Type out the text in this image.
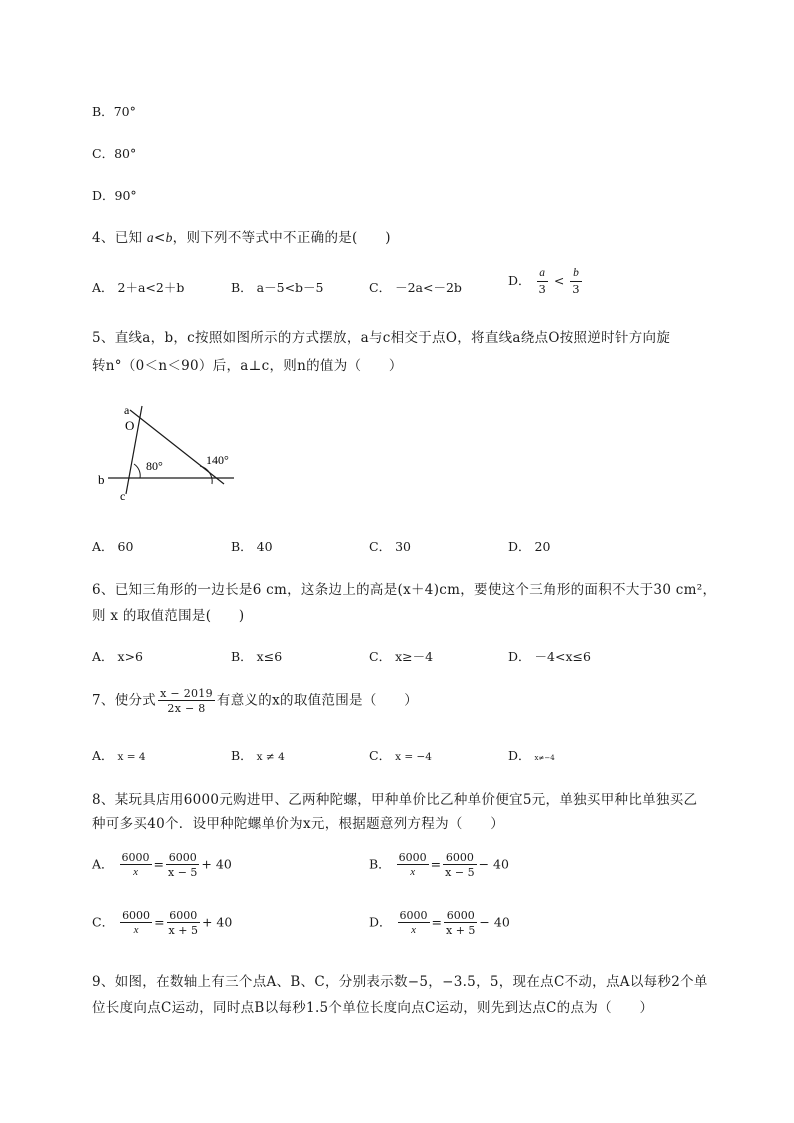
B．70°
C．80°
D．90°
4、已知 a<b，则下列不等式中不正确的是(　　)
A． 2＋a<2＋b	B． a－5<b－5	C． －2a<－2b	D． $\frac{a}{3} < \frac{b}{3}$
5、直线a，b，c按照如图所示的方式摆放，a与c相交于点O，将直线a绕点O按照逆时针方向旋
转n°（0＜n＜90）后，a⊥c，则n的值为（　　）
a
O
b
c
80°	140°
A． 60	B． 40	C． 30	D． 20
6、已知三角形的一边长是6 cm，这条边上的高是(x＋4)cm，要使这个三角形的面积不大于30 cm²，
则 x 的取值范围是(　　)
A． x>6	B． x≤6	C． x≥－4	D． －4<x≤6
7、使分式 $\frac{x - 2019}{2x - 8}$ 有意义的x的取值范围是（　　）
A． x = 4	B． x ≠ 4	C． x = −4	D． x≠−4
8、某玩具店用6000元购进甲、乙两种陀螺，甲种单价比乙种单价便宜5元，单独买甲种比单独买乙
种可多买40个．设甲种陀螺单价为x元，根据题意列方程为（　　）
A． $\frac{6000}{x} = \frac{6000}{x - 5} + 40$	B． $\frac{6000}{x} = \frac{6000}{x - 5} - 40$
C． $\frac{6000}{x} = \frac{6000}{x + 5} + 40$	D． $\frac{6000}{x} = \frac{6000}{x + 5} - 40$
9、如图，在数轴上有三个点A、B、C，分别表示数−5，−3.5，5，现在点C不动，点A以每秒2个单
位长度向点C运动，同时点B以每秒1.5个单位长度向点C运动，则先到达点C的点为（　　）
